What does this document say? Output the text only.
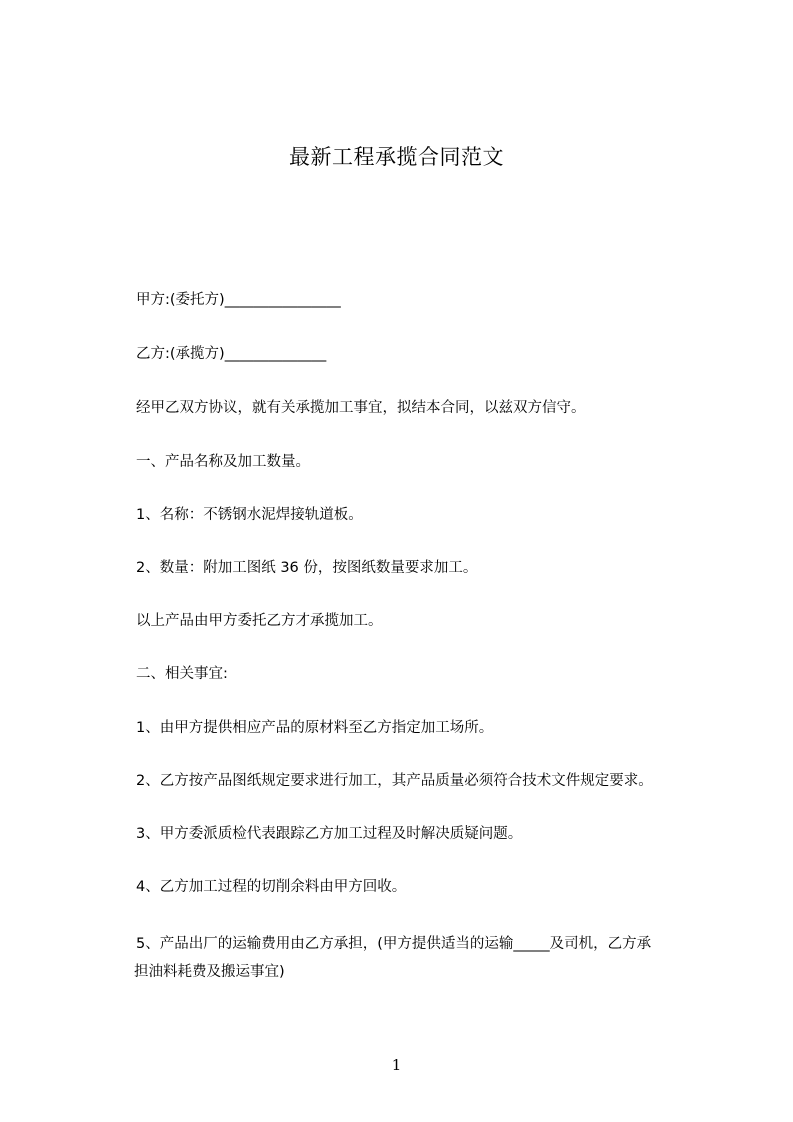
最新工程承揽合同范文
甲方:(委托方)________________
乙方:(承揽方)______________
经甲乙双方协议，就有关承揽加工事宜，拟结本合同，以兹双方信守。
一、产品名称及加工数量。
1、名称：不锈钢水泥焊接轨道板。
2、数量：附加工图纸 36 份，按图纸数量要求加工。
以上产品由甲方委托乙方才承揽加工。
二、相关事宜:
1、由甲方提供相应产品的原材料至乙方指定加工场所。
2、乙方按产品图纸规定要求进行加工，其产品质量必须符合技术文件规定要求。
3、甲方委派质检代表跟踪乙方加工过程及时解决质疑问题。
4、乙方加工过程的切削余料由甲方回收。
5、产品出厂的运输费用由乙方承担，(甲方提供适当的运输_____及司机，乙方承
担油料耗费及搬运事宜)
1
